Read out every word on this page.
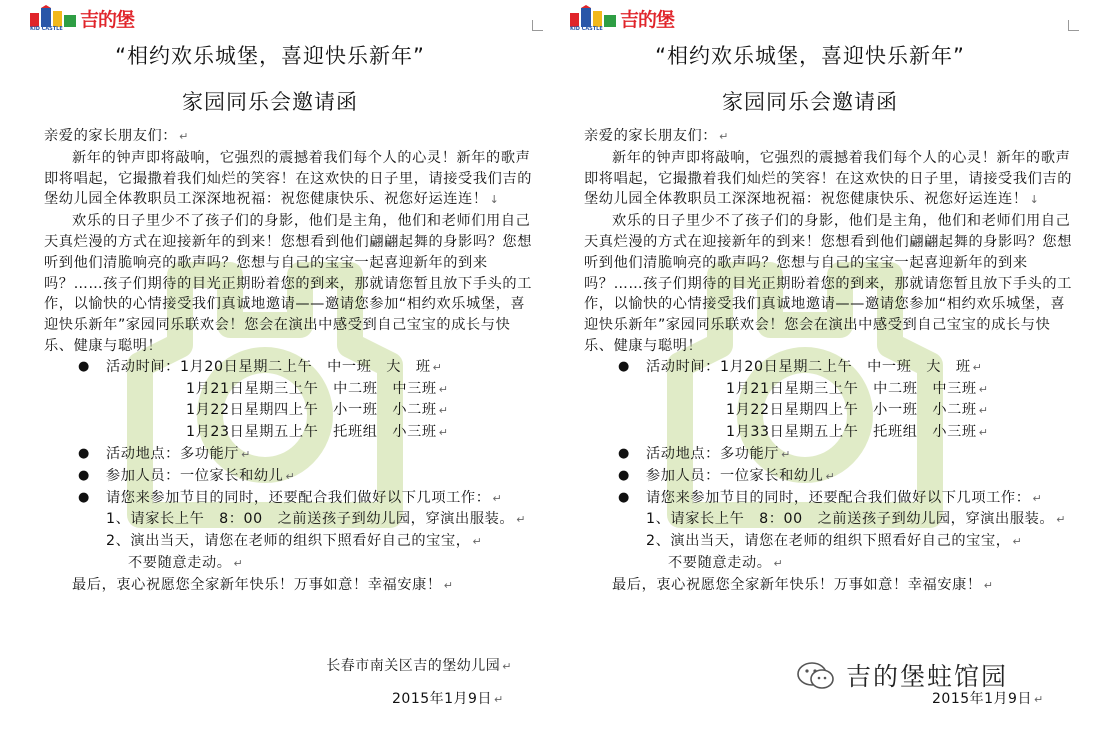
吉的堡
KID CASTLE
“相约欢乐城堡，喜迎快乐新年”
家园同乐会邀请函

亲爱的家长朋友们： ↵

新年的钟声即将敲响，它强烈的震撼着我们每个人的心灵！新年的歌声即将唱起，它撮撒着我们灿烂的笑容！在这欢快的日子里，请接受我们吉的堡幼儿园全体教职员工深深地祝福：祝您健康快乐、祝您好运连连！ ↓

欢乐的日子里少不了孩子们的身影，他们是主角，他们和老师们用自己天真烂漫的方式在迎接新年的到来！您想看到他们翩翩起舞的身影吗？您想听到他们清脆响亮的歌声吗？您想与自己的宝宝一起喜迎新年的到来吗？……孩子们期待的目光正期盼着您的到来，那就请您暂且放下手头的工作，以愉快的心情接受我们真诚地邀请——邀请您参加“相约欢乐城堡，喜迎快乐新年”家园同乐联欢会！您会在演出中感受到自己宝宝的成长与快乐、健康与聪明！

● 活动时间：1月20日星期二上午　中一班　大　班 ↵

1月21日星期三上午　中二班　中三班 ↵

1月22日星期四上午　小一班　小二班 ↵

1月23日星期五上午　托班组　小三班 ↵

● 活动地点：多功能厅 ↵

● 参加人员：一位家长和幼儿 ↵

● 请您来参加节目的同时，还要配合我们做好以下几项工作： ↵

1、请家长上午　8：00　之前送孩子到幼儿园，穿演出服装。 ↵

2、演出当天，请您在老师的组织下照看好自己的宝宝， ↵

不要随意走动。 ↵

最后，衷心祝愿您全家新年快乐！万事如意！幸福安康！ ↵

长春市南关区吉的堡幼儿园 ↵
2015年1月9日 ↵
吉的堡
KID CASTLE
“相约欢乐城堡，喜迎快乐新年”
家园同乐会邀请函

亲爱的家长朋友们： ↵

新年的钟声即将敲响，它强烈的震撼着我们每个人的心灵！新年的歌声即将唱起，它撮撒着我们灿烂的笑容！在这欢快的日子里，请接受我们吉的堡幼儿园全体教职员工深深地祝福：祝您健康快乐、祝您好运连连！ ↓

欢乐的日子里少不了孩子们的身影，他们是主角，他们和老师们用自己天真烂漫的方式在迎接新年的到来！您想看到他们翩翩起舞的身影吗？您想听到他们清脆响亮的歌声吗？您想与自己的宝宝一起喜迎新年的到来吗？……孩子们期待的目光正期盼着您的到来，那就请您暂且放下手头的工作，以愉快的心情接受我们真诚地邀请——邀请您参加“相约欢乐城堡，喜迎快乐新年”家园同乐联欢会！您会在演出中感受到自己宝宝的成长与快乐、健康与聪明！

● 活动时间：1月20日星期二上午　中一班　大　班 ↵

1月21日星期三上午　中二班　中三班 ↵

1月22日星期四上午　小一班　小二班 ↵

1月33日星期五上午　托班组　小三班 ↵

● 活动地点：多功能厅 ↵

● 参加人员：一位家长和幼儿 ↵

● 请您来参加节目的同时，还要配合我们做好以下几项工作： ↵

1、请家长上午　8：00　之前送孩子到幼儿园，穿演出服装。 ↵

2、演出当天，请您在老师的组织下照看好自己的宝宝， ↵

不要随意走动。 ↵

最后，衷心祝愿您全家新年快乐！万事如意！幸福安康！ ↵

2015年1月9日 ↵
吉的堡蛀馆园
